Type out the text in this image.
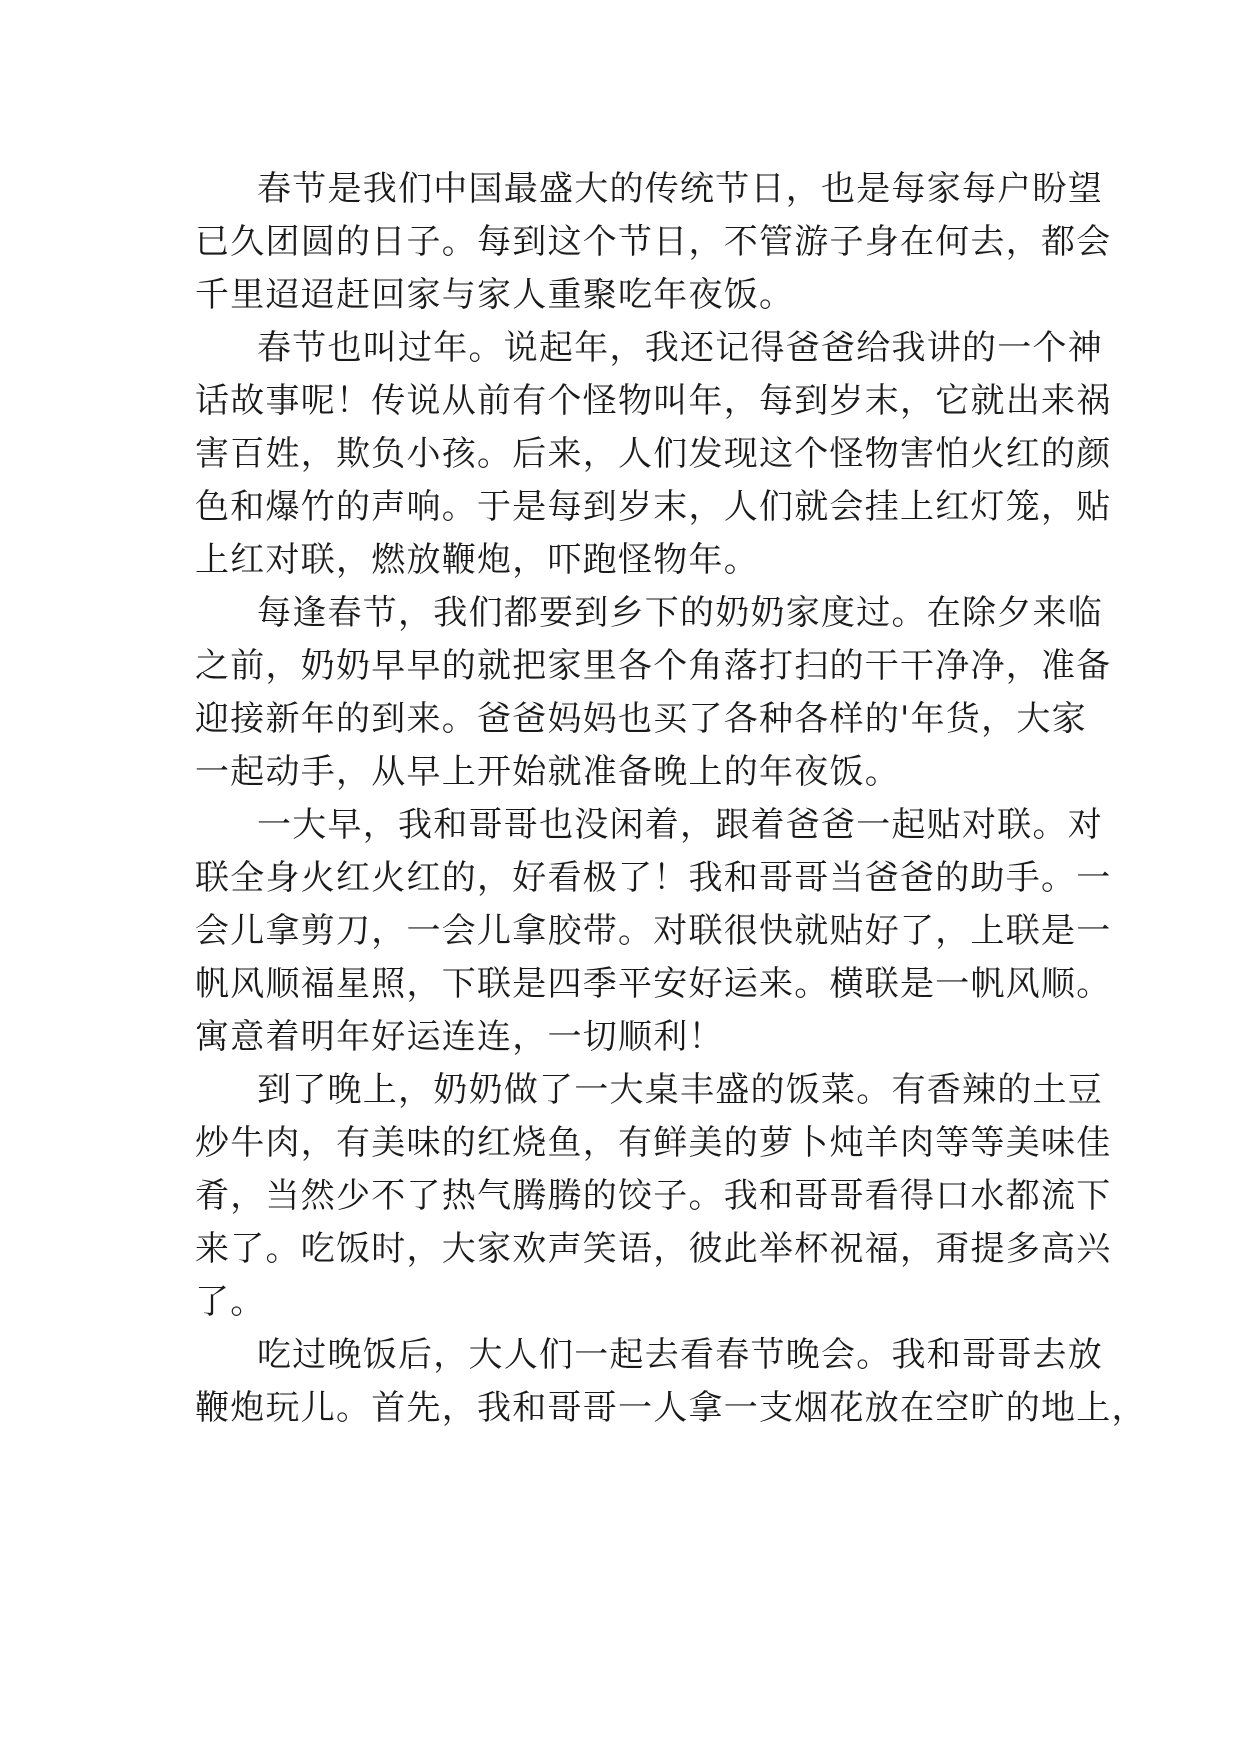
春节是我们中国最盛大的传统节日，也是每家每户盼望
已久团圆的日子。每到这个节日，不管游子身在何去，都会
千里迢迢赶回家与家人重聚吃年夜饭。
春节也叫过年。说起年，我还记得爸爸给我讲的一个神
话故事呢！传说从前有个怪物叫年，每到岁末，它就出来祸
害百姓，欺负小孩。后来，人们发现这个怪物害怕火红的颜
色和爆竹的声响。于是每到岁末，人们就会挂上红灯笼，贴
上红对联，燃放鞭炮，吓跑怪物年。
每逢春节，我们都要到乡下的奶奶家度过。在除夕来临
之前，奶奶早早的就把家里各个角落打扫的干干净净，准备
迎接新年的到来。爸爸妈妈也买了各种各样的'年货，大家
一起动手，从早上开始就准备晚上的年夜饭。
一大早，我和哥哥也没闲着，跟着爸爸一起贴对联。对
联全身火红火红的，好看极了！我和哥哥当爸爸的助手。一
会儿拿剪刀，一会儿拿胶带。对联很快就贴好了，上联是一
帆风顺福星照，下联是四季平安好运来。横联是一帆风顺。
寓意着明年好运连连，一切顺利！
到了晚上，奶奶做了一大桌丰盛的饭菜。有香辣的土豆
炒牛肉，有美味的红烧鱼，有鲜美的萝卜炖羊肉等等美味佳
肴，当然少不了热气腾腾的饺子。我和哥哥看得口水都流下
来了。吃饭时，大家欢声笑语，彼此举杯祝福，甭提多高兴
了。
吃过晚饭后，大人们一起去看春节晚会。我和哥哥去放
鞭炮玩儿。首先，我和哥哥一人拿一支烟花放在空旷的地上，
